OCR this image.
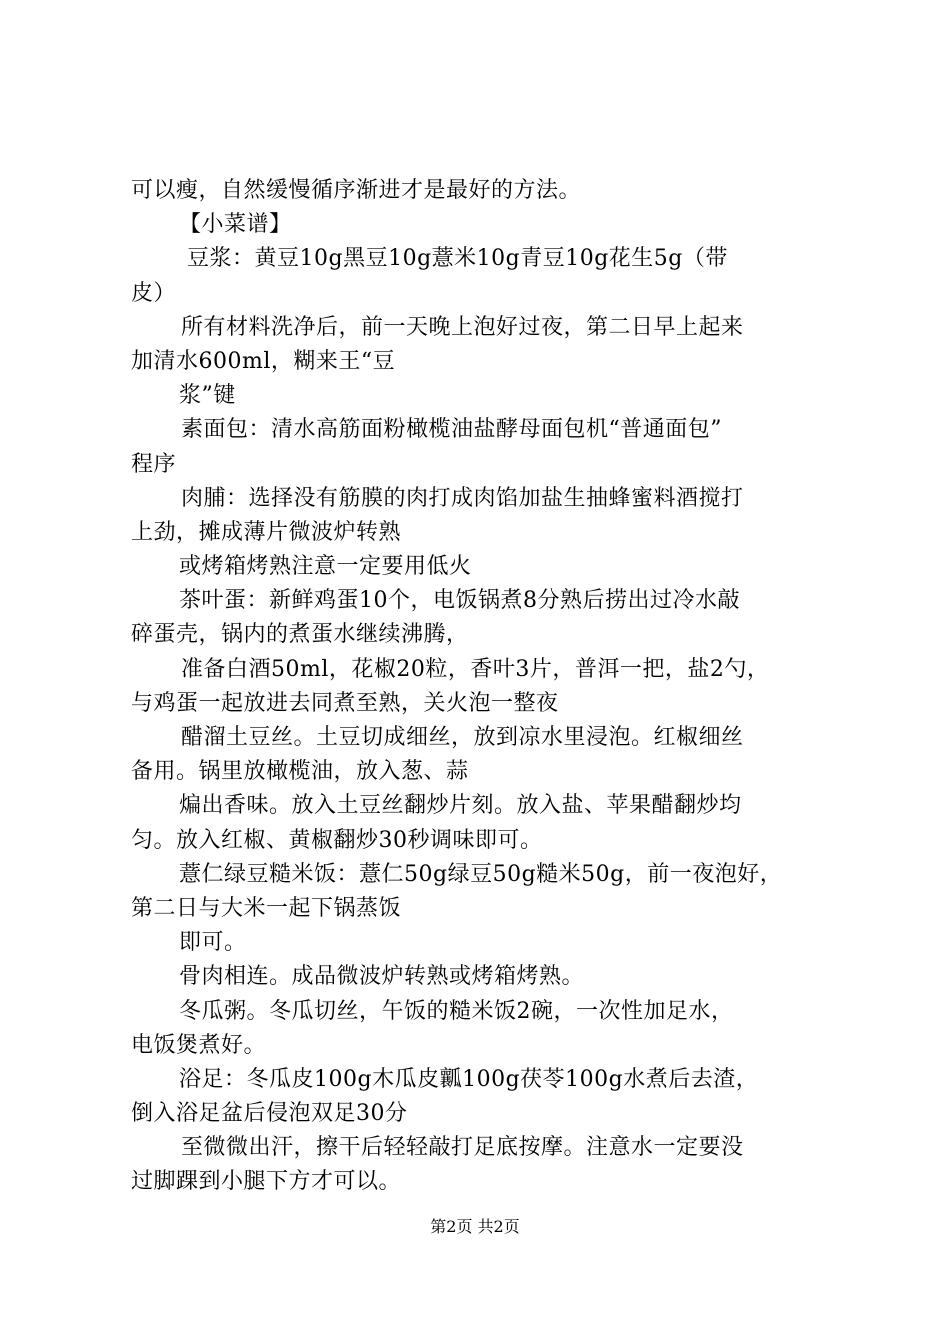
可以瘦，自然缓慢循序渐进才是最好的方法。
【小菜谱】
豆浆：黄豆10g黑豆10g薏米10g青豆10g花生5g（带
皮）
所有材料洗净后，前一天晚上泡好过夜，第二日早上起来
加清水600ml，糊来王“豆
浆”键
素面包：清水高筋面粉橄榄油盐酵母面包机“普通面包”
程序
肉脯：选择没有筋膜的肉打成肉馅加盐生抽蜂蜜料酒搅打
上劲，摊成薄片微波炉转熟
或烤箱烤熟注意一定要用低火
茶叶蛋：新鲜鸡蛋10个，电饭锅煮8分熟后捞出过冷水敲
碎蛋壳，锅内的煮蛋水继续沸腾，
准备白酒50ml，花椒20粒，香叶3片，普洱一把，盐2勺，
与鸡蛋一起放进去同煮至熟，关火泡一整夜
醋溜土豆丝。土豆切成细丝，放到凉水里浸泡。红椒细丝
备用。锅里放橄榄油，放入葱、蒜
煸出香味。放入土豆丝翻炒片刻。放入盐、苹果醋翻炒均
匀。放入红椒、黄椒翻炒30秒调味即可。
薏仁绿豆糙米饭：薏仁50g绿豆50g糙米50g，前一夜泡好，
第二日与大米一起下锅蒸饭
即可。
骨肉相连。成品微波炉转熟或烤箱烤熟。
冬瓜粥。冬瓜切丝，午饭的糙米饭2碗，一次性加足水，
电饭煲煮好。
浴足：冬瓜皮100g木瓜皮瓤100g茯苓100g水煮后去渣，
倒入浴足盆后侵泡双足30分
至微微出汗，擦干后轻轻敲打足底按摩。注意水一定要没
过脚踝到小腿下方才可以。
第2页 共2页
